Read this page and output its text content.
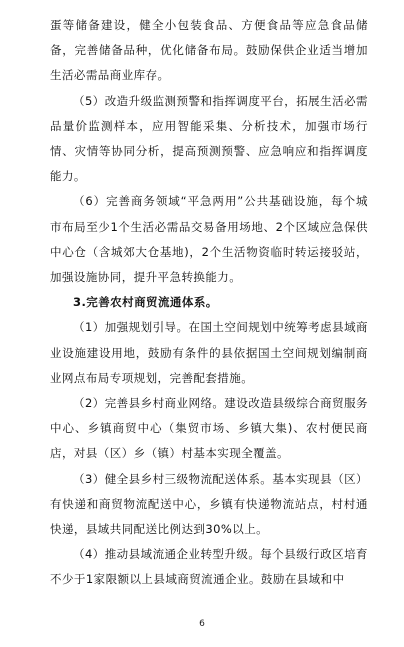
蛋等储备建设，健全小包装食品、方便食品等应急食品储备，完善储备品种，优化储备布局。鼓励保供企业适当增加生活必需品商业库存。

（5）改造升级监测预警和指挥调度平台，拓展生活必需品量价监测样本，应用智能采集、分析技术，加强市场行情、灾情等协同分析，提高预测预警、应急响应和指挥调度能力。

（6）完善商务领域“平急两用”公共基础设施，每个城市布局至少1个生活必需品交易备用场地、2个区域应急保供中心仓（含城郊大仓基地)，2个生活物资临时转运接驳站，加强设施协同，提升平急转换能力。

3.完善农村商贸流通体系。

（1）加强规划引导。在国土空间规划中统筹考虑县域商业设施建设用地，鼓励有条件的县依据国土空间规划编制商业网点布局专项规划，完善配套措施。

（2）完善县乡村商业网络。建设改造县级综合商贸服务中心、乡镇商贸中心（集贸市场、乡镇大集)、农村便民商店，对县（区）乡（镇）村基本实现全覆盖。

（3）健全县乡村三级物流配送体系。基本实现县（区）有快递和商贸物流配送中心，乡镇有快递物流站点，村村通快递，县域共同配送比例达到30%以上。

（4）推动县域流通企业转型升级。每个县级行政区培育不少于1家限额以上县域商贸流通企业。鼓励在县域和中

6
